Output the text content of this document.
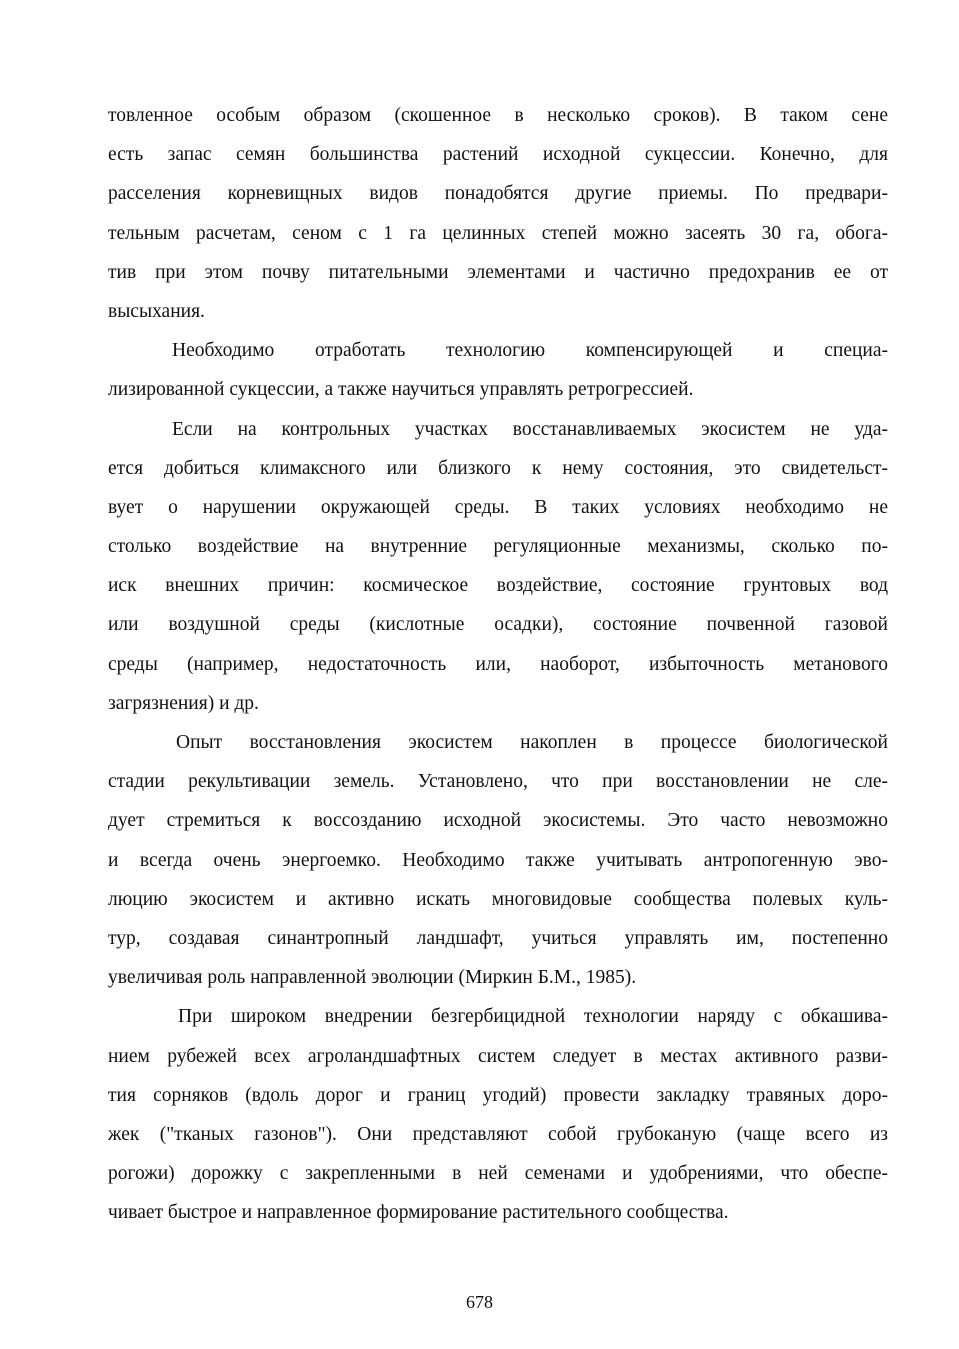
товленное особым образом (скошенное в несколько сроков). В таком сене
есть запас семян большинства растений исходной сукцессии. Конечно, для
расселения корневищных видов понадобятся другие приемы. По предвари-
тельным расчетам, сеном с 1 га целинных степей можно засеять 30 га, обога-
тив при этом почву питательными элементами и частично предохранив ее от
высыхания.
Необходимо отработать технологию компенсирующей и специа-
лизированной сукцессии, а также научиться управлять ретрогрессией.
Если на контрольных участках восстанавливаемых экосистем не уда-
ется добиться климаксного или близкого к нему состояния, это свидетельст-
вует о нарушении окружающей среды. В таких условиях необходимо не
столько воздействие на внутренние регуляционные механизмы, сколько по-
иск внешних причин: космическое воздействие, состояние грунтовых вод
или воздушной среды (кислотные осадки), состояние почвенной газовой
среды (например, недостаточность или, наоборот, избыточность метанового
загрязнения) и др.
Опыт восстановления экосистем накоплен в процессе биологической
стадии рекультивации земель. Установлено, что при восстановлении не сле-
дует стремиться к воссозданию исходной экосистемы. Это часто невозможно
и всегда очень энергоемко. Необходимо также учитывать антропогенную эво-
люцию экосистем и активно искать многовидовые сообщества полевых куль-
тур, создавая синантропный ландшафт, учиться управлять им, постепенно
увеличивая роль направленной эволюции (Миркин Б.М., 1985).
При широком внедрении безгербицидной технологии наряду с обкашива-
нием рубежей всех агроландшафтных систем следует в местах активного разви-
тия сорняков (вдоль дорог и границ угодий) провести закладку травяных доро-
жек ("тканых газонов"). Они представляют собой грубоканую (чаще всего из
рогожи) дорожку с закрепленными в ней семенами и удобрениями, что обеспе-
чивает быстрое и направленное формирование растительного сообщества.
678
